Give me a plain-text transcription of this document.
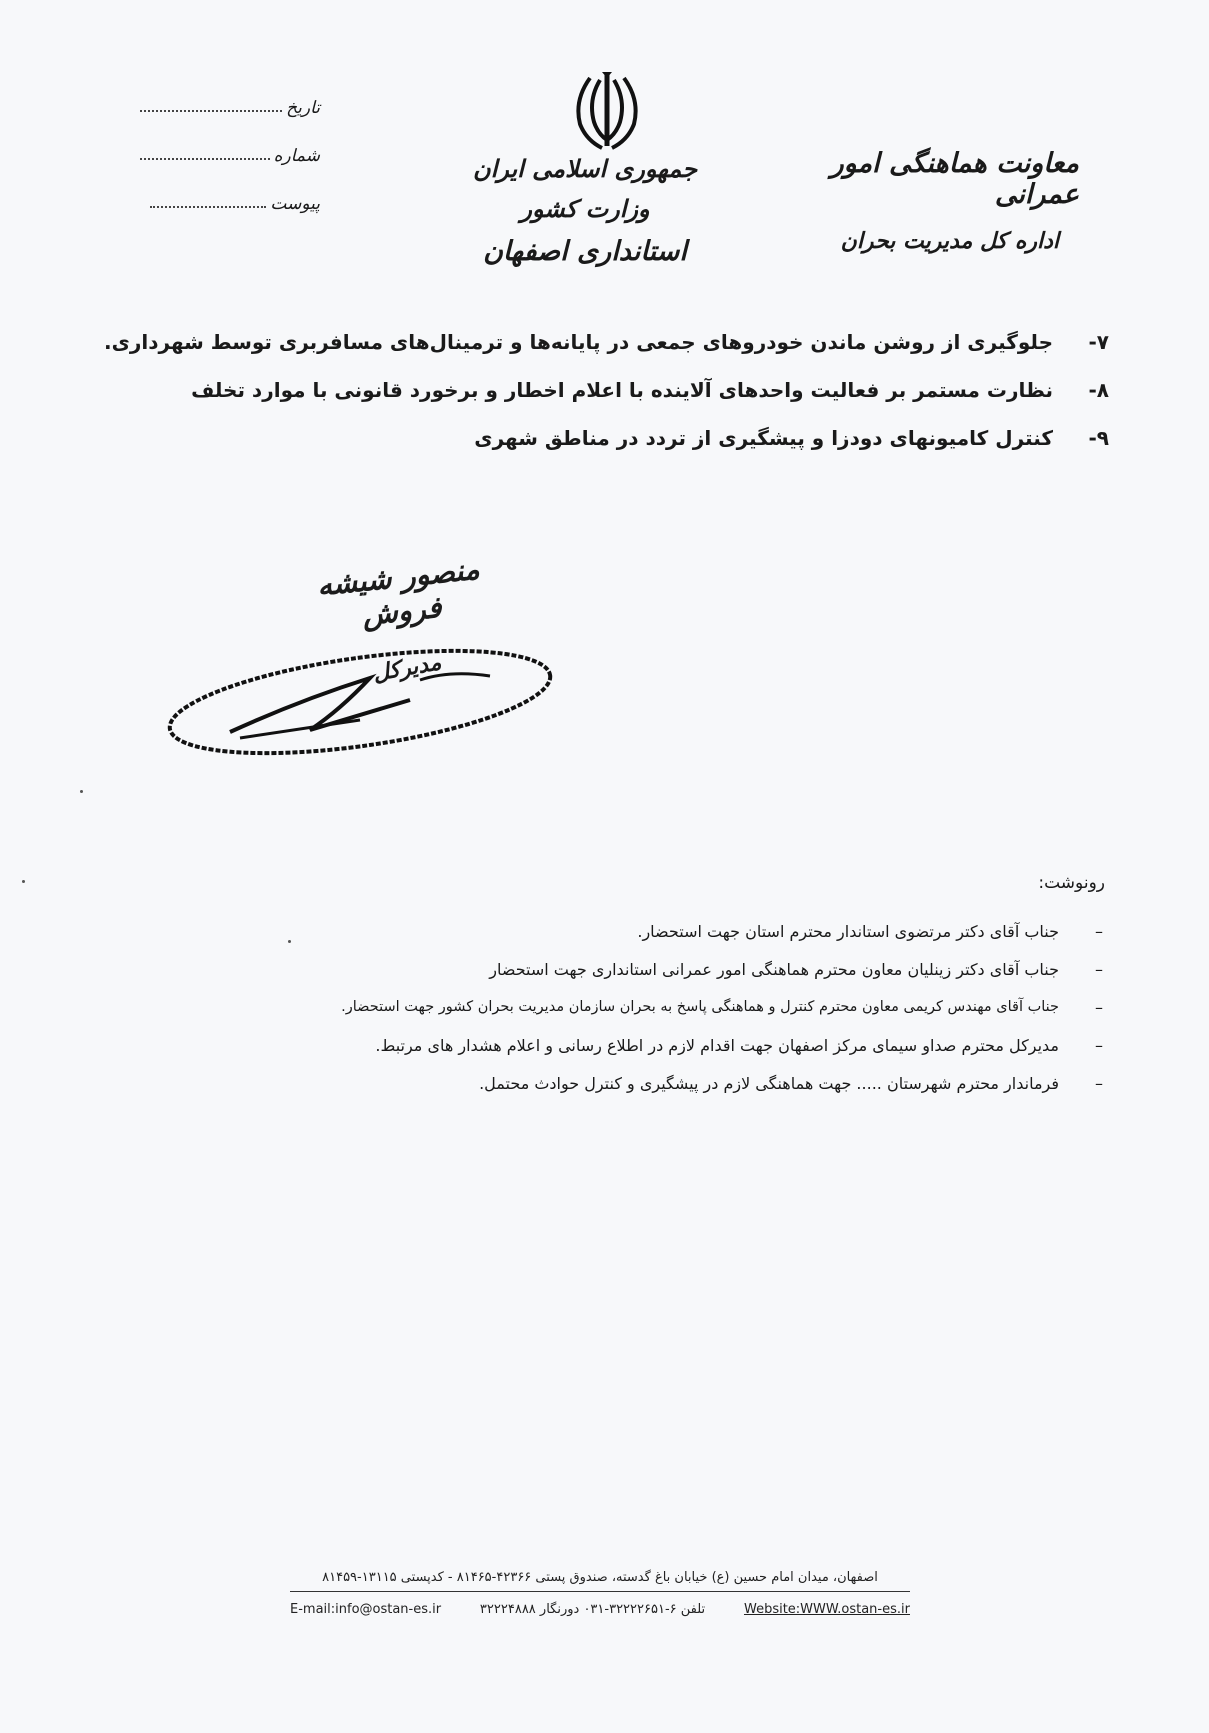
جمهوری اسلامی ایران
وزارت کشور
استانداری اصفهان
معاونت هماهنگی امور عمرانی
اداره کل مدیریت بحران
تاریخ
شماره
پیوست
۷-
جلوگیری از روشن ماندن خودروهای جمعی در پایانه‌ها و ترمینال‌های مسافربری توسط شهرداری.
۸-
نظارت مستمر بر فعالیت واحدهای آلاینده با اعلام اخطار و برخورد قانونی با موارد تخلف
۹-
کنترل کامیونهای دودزا و پیشگیری از تردد در مناطق شهری
منصور شیشه فروش
مدیرکل
رونوشت:
–
جناب آقای دکتر مرتضوی استاندار محترم استان جهت استحضار.
–
جناب آقای دکتر زینلیان معاون محترم هماهنگی امور عمرانی استانداری جهت استحضار
–
جناب آقای مهندس کریمی معاون محترم کنترل و هماهنگی پاسخ به بحران سازمان مدیریت بحران کشور جهت استحضار.
–
مدیرکل محترم صداو سیمای مرکز اصفهان جهت اقدام لازم در اطلاع رسانی و اعلام هشدار های مرتبط.
–
فرماندار محترم شهرستان ..... جهت هماهنگی لازم در پیشگیری و کنترل حوادث محتمل.
اصفهان، میدان امام حسین (ع) خیابان باغ گدسته، صندوق پستی ۴۲۳۶۶-۸۱۴۶۵ - کدپستی ۱۳۱۱۵-۸۱۴۵۹
E-mail:info@ostan-es.ir	تلفن ۶-۳۲۲۲۲۶۵۱-۰۳۱ دورنگار ۳۲۲۲۴۸۸۸	Website:WWW.ostan-es.ir
